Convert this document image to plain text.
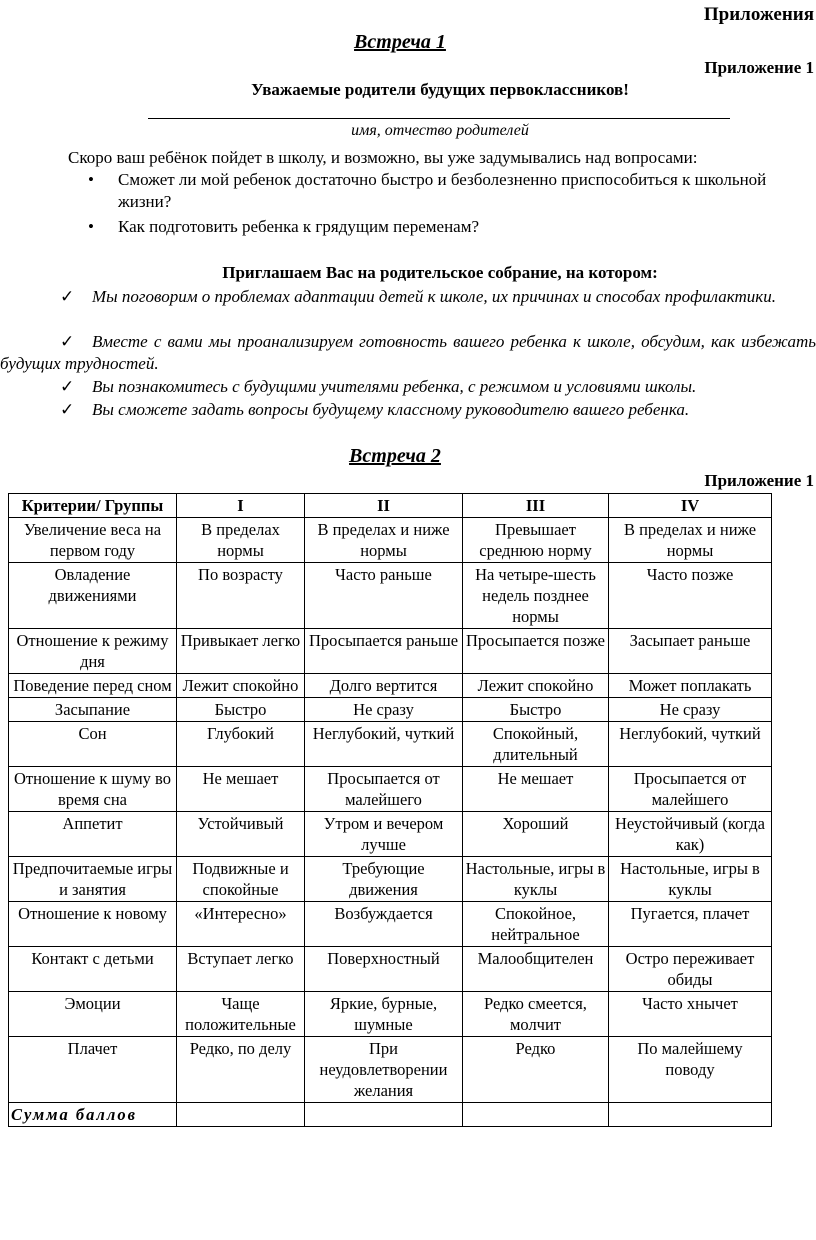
Приложения
Встреча 1
Приложение 1
Уважаемые родители будущих первоклассников!
имя, отчество родителей
Скоро ваш ребёнок пойдет в школу, и возможно, вы уже задумывались над вопросами:
• Сможет ли мой ребенок достаточно быстро и безболезненно приспособиться к школьной жизни?
• Как подготовить ребенка к грядущим переменам?
Приглашаем Вас на родительское собрание, на котором:
✓	Мы поговорим о проблемах адаптации детей к школе, их причинах и способах профилактики.
✓	Вместе с вами мы проанализируем готовность вашего ребенка к школе, обсудим, как избежать будущих трудностей.
✓	Вы познакомитесь с будущими учителями ребенка, с режимом и условиями школы.
✓	Вы сможете задать вопросы будущему классному руководителю вашего ребенка.
Встреча 2
Приложение 1
Критерии/ Группы	I	II	III	IV
Увеличение веса на первом году	В пределах нормы	В пределах и ниже нормы	Превышает среднюю норму	В пределах и ниже нормы
Овладение движениями	По возрасту	Часто раньше	На четыре-шесть недель позднее нормы	Часто позже
Отношение к режиму дня	Привыкает легко	Просыпается раньше	Просыпается позже	Засыпает раньше
Поведение перед сном	Лежит спокойно	Долго вертится	Лежит спокойно	Может поплакать
Засыпание	Быстро	Не сразу	Быстро	Не сразу
Сон	Глубокий	Неглубокий, чуткий	Спокойный, длительный	Неглубокий, чуткий
Отношение к шуму во время сна	Не мешает	Просыпается от малейшего	Не мешает	Просыпается от малейшего
Аппетит	Устойчивый	Утром и вечером лучше	Хороший	Неустойчивый (когда как)
Предпочитаемые игры и занятия	Подвижные и спокойные	Требующие движения	Настольные, игры в куклы	Настольные, игры в куклы
Отношение к новому	«Интересно»	Возбуждается	Спокойное, нейтральное	Пугается, плачет
Контакт с детьми	Вступает легко	Поверхностный	Малообщителен	Остро переживает обиды
Эмоции	Чаще положительные	Яркие, бурные, шумные	Редко смеется, молчит	Часто хнычет
Плачет	Редко, по делу	При неудовлетворении желания	Редко	По малейшему поводу
Сумма баллов				
